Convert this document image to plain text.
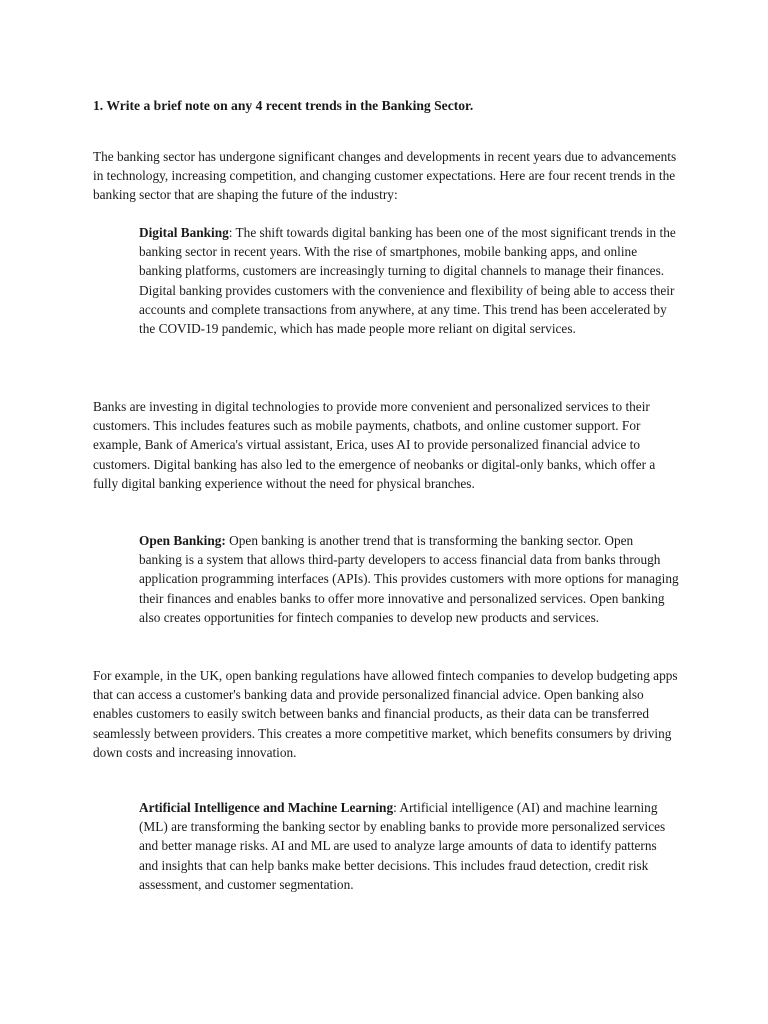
1. Write a brief note on any 4 recent trends in the Banking Sector.

The banking sector has undergone significant changes and developments in recent years due to advancements in technology, increasing competition, and changing customer expectations. Here are four recent trends in the banking sector that are shaping the future of the industry:

Digital Banking: The shift towards digital banking has been one of the most significant trends in the banking sector in recent years. With the rise of smartphones, mobile banking apps, and online banking platforms, customers are increasingly turning to digital channels to manage their finances. Digital banking provides customers with the convenience and flexibility of being able to access their accounts and complete transactions from anywhere, at any time. This trend has been accelerated by the COVID-19 pandemic, which has made people more reliant on digital services.

Banks are investing in digital technologies to provide more convenient and personalized services to their customers. This includes features such as mobile payments, chatbots, and online customer support. For example, Bank of America's virtual assistant, Erica, uses AI to provide personalized financial advice to customers. Digital banking has also led to the emergence of neobanks or digital-only banks, which offer a fully digital banking experience without the need for physical branches.

Open Banking: Open banking is another trend that is transforming the banking sector. Open banking is a system that allows third-party developers to access financial data from banks through application programming interfaces (APIs). This provides customers with more options for managing their finances and enables banks to offer more innovative and personalized services. Open banking also creates opportunities for fintech companies to develop new products and services.

For example, in the UK, open banking regulations have allowed fintech companies to develop budgeting apps that can access a customer's banking data and provide personalized financial advice. Open banking also enables customers to easily switch between banks and financial products, as their data can be transferred seamlessly between providers. This creates a more competitive market, which benefits consumers by driving down costs and increasing innovation.

Artificial Intelligence and Machine Learning: Artificial intelligence (AI) and machine learning (ML) are transforming the banking sector by enabling banks to provide more personalized services and better manage risks. AI and ML are used to analyze large amounts of data to identify patterns and insights that can help banks make better decisions. This includes fraud detection, credit risk assessment, and customer segmentation.
